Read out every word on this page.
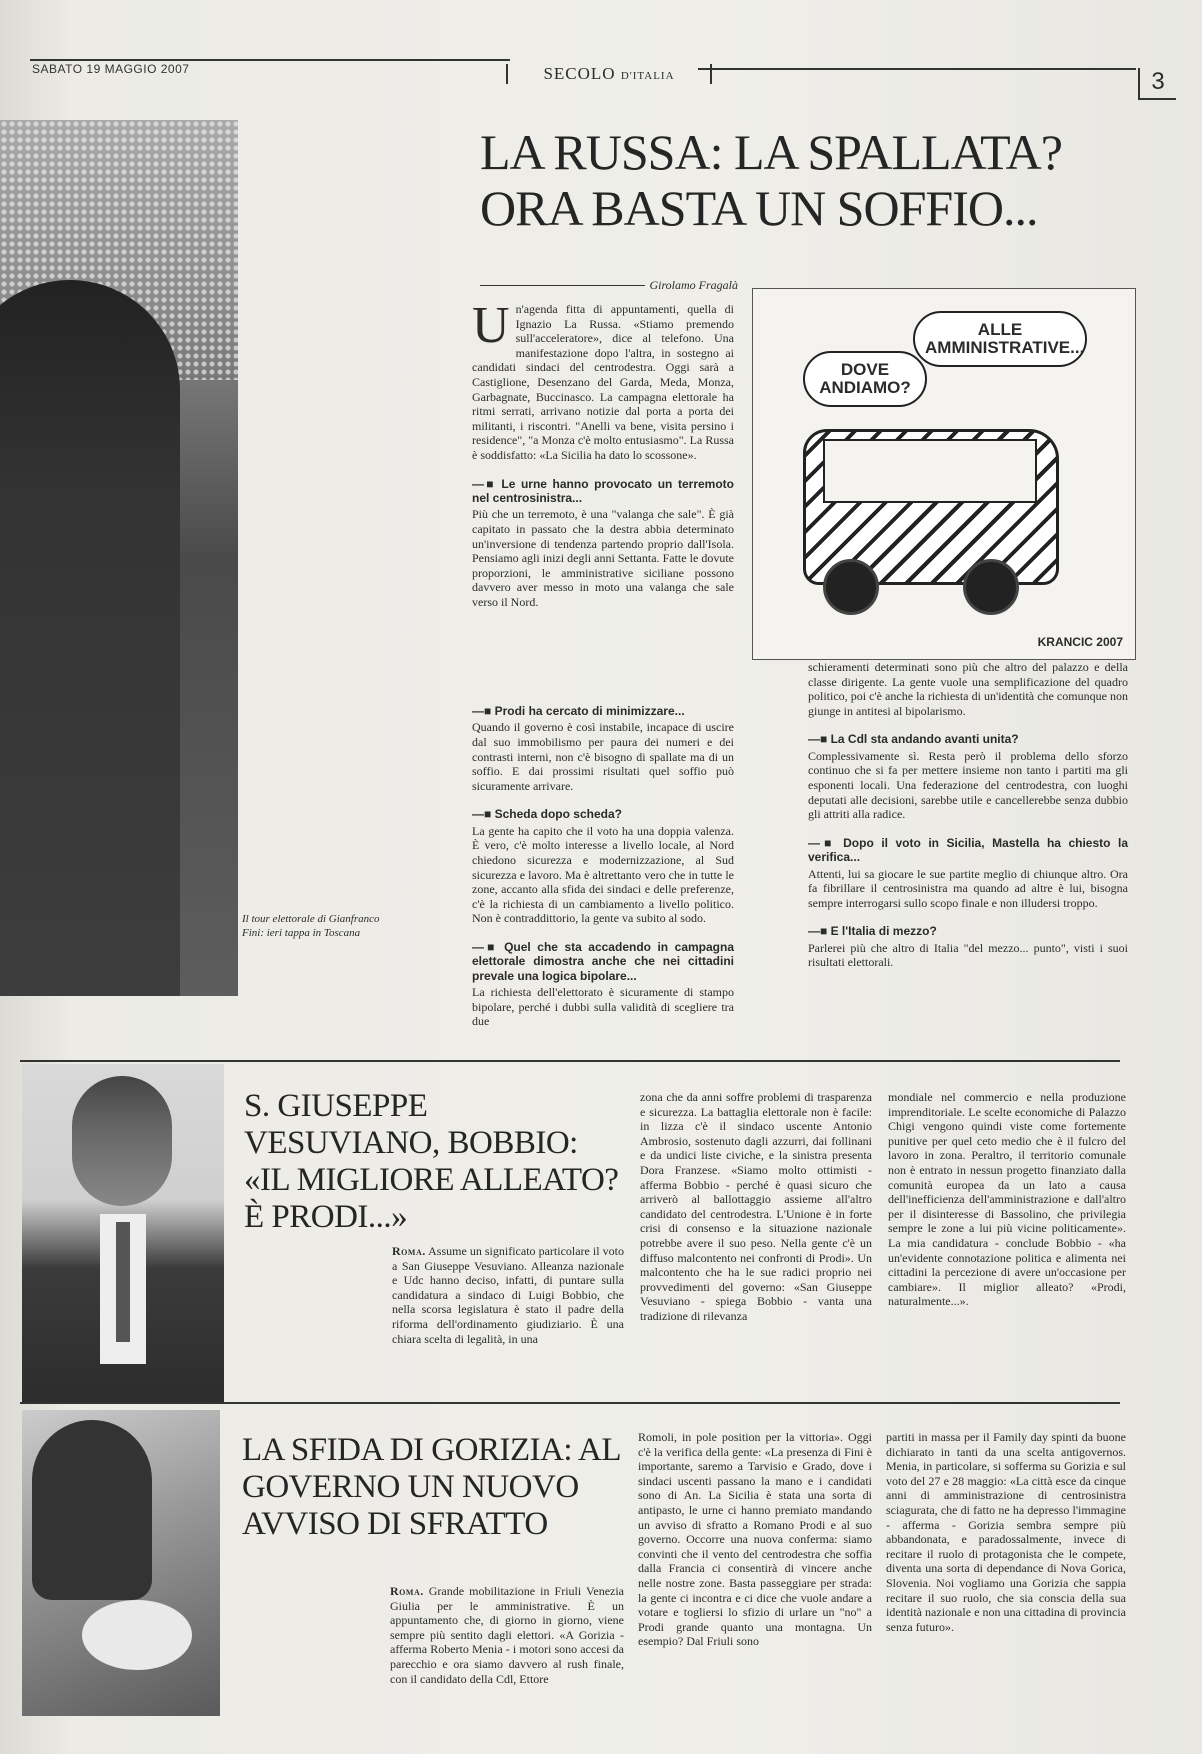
SABATO 19 MAGGIO 2007	SECOLO D'ITALIA	3
Il tour elettorale di Gianfranco Fini: ieri tappa in Toscana
LA RUSSA: LA SPALLATA? ORA BASTA UN SOFFIO...
Girolamo Fragalà
DOVE ANDIAMO?
ALLE AMMINISTRATIVE...
KRANCIC 2007

Un'agenda fitta di appuntamenti, quella di Ignazio La Russa. «Stiamo premendo sull'acceleratore», dice al telefono. Una manifestazione dopo l'altra, in sostegno ai candidati sindaci del centrodestra. Oggi sarà a Castiglione, Desenzano del Garda, Meda, Monza, Garbagnate, Buccinasco. La campagna elettorale ha ritmi serrati, arrivano notizie dal porta a porta dei militanti, i riscontri. "Anelli va bene, visita persino i residence", "a Monza c'è molto entusiasmo". La Russa è soddisfatto: «La Sicilia ha dato lo scossone».

—■ Le urne hanno provocato un terremoto nel centrosinistra...

Più che un terremoto, è una "valanga che sale". È già capitato in passato che la destra abbia determinato un'inversione di tendenza partendo proprio dall'Isola. Pensiamo agli inizi degli anni Settanta. Fatte le dovute proporzioni, le amministrative siciliane possono davvero aver messo in moto una valanga che sale verso il Nord.

—■ Prodi ha cercato di minimizzare...

Quando il governo è così instabile, incapace di uscire dal suo immobilismo per paura dei numeri e dei contrasti interni, non c'è bisogno di spallate ma di un soffio. E dai prossimi risultati quel soffio può sicuramente arrivare.

—■ Scheda dopo scheda?

La gente ha capito che il voto ha una doppia valenza. È vero, c'è molto interesse a livello locale, al Nord chiedono sicurezza e modernizzazione, al Sud sicurezza e lavoro. Ma è altrettanto vero che in tutte le zone, accanto alla sfida dei sindaci e delle preferenze, c'è la richiesta di un cambiamento a livello politico. Non è contraddittorio, la gente va subito al sodo.

—■ Quel che sta accadendo in campagna elettorale dimostra anche che nei cittadini prevale una logica bipolare...

La richiesta dell'elettorato è sicuramente di stampo bipolare, perché i dubbi sulla validità di scegliere tra due

schieramenti determinati sono più che altro del palazzo e della classe dirigente. La gente vuole una semplificazione del quadro politico, poi c'è anche la richiesta di un'identità che comunque non giunge in antitesi al bipolarismo.

—■ La Cdl sta andando avanti unita?

Complessivamente sì. Resta però il problema dello sforzo continuo che si fa per mettere insieme non tanto i partiti ma gli esponenti locali. Una federazione del centrodestra, con luoghi deputati alle decisioni, sarebbe utile e cancellerebbe senza dubbio gli attriti alla radice.

—■ Dopo il voto in Sicilia, Mastella ha chiesto la verifica...

Attenti, lui sa giocare le sue partite meglio di chiunque altro. Ora fa fibrillare il centrosinistra ma quando ad altre è lui, bisogna sempre interrogarsi sullo scopo finale e non illudersi troppo.

—■ E l'Italia di mezzo?

Parlerei più che altro di Italia "del mezzo... punto", visti i suoi risultati elettorali.

S. GIUSEPPE VESUVIANO, BOBBIO: «IL MIGLIORE ALLEATO? È PRODI...»
Roma. Assume un significato particolare il voto a San Giuseppe Vesuviano. Alleanza nazionale e Udc hanno deciso, infatti, di puntare sulla candidatura a sindaco di Luigi Bobbio, che nella scorsa legislatura è stato il padre della riforma dell'ordinamento giudiziario. È una chiara scelta di legalità, in una
zona che da anni soffre problemi di trasparenza e sicurezza. La battaglia elettorale non è facile: in lizza c'è il sindaco uscente Antonio Ambrosio, sostenuto dagli azzurri, dai follinani e da undici liste civiche, e la sinistra presenta Dora Franzese. «Siamo molto ottimisti - afferma Bobbio - perché è quasi sicuro che arriverò al ballottaggio assieme all'altro candidato del centrodestra. L'Unione è in forte crisi di consenso e la situazione nazionale potrebbe avere il suo peso. Nella gente c'è un diffuso malcontento nei confronti di Prodi». Un malcontento che ha le sue radici proprio nei provvedimenti del governo: «San Giuseppe Vesuviano - spiega Bobbio - vanta una tradizione di rilevanza
mondiale nel commercio e nella produzione imprenditoriale. Le scelte economiche di Palazzo Chigi vengono quindi viste come fortemente punitive per quel ceto medio che è il fulcro del lavoro in zona. Peraltro, il territorio comunale non è entrato in nessun progetto finanziato dalla comunità europea da un lato a causa dell'inefficienza dell'amministrazione e dall'altro per il disinteresse di Bassolino, che privilegia sempre le zone a lui più vicine politicamente». La mia candidatura - conclude Bobbio - «ha un'evidente connotazione politica e alimenta nei cittadini la percezione di avere un'occasione per cambiare». Il miglior alleato? «Prodi, naturalmente...».
LA SFIDA DI GORIZIA: AL GOVERNO UN NUOVO AVVISO DI SFRATTO
Roma. Grande mobilitazione in Friuli Venezia Giulia per le amministrative. È un appuntamento che, di giorno in giorno, viene sempre più sentito dagli elettori. «A Gorizia - afferma Roberto Menia - i motori sono accesi da parecchio e ora siamo davvero al rush finale, con il candidato della Cdl, Ettore
Romoli, in pole position per la vittoria». Oggi c'è la verifica della gente: «La presenza di Fini è importante, saremo a Tarvisio e Grado, dove i sindaci uscenti passano la mano e i candidati sono di An. La Sicilia è stata una sorta di antipasto, le urne ci hanno premiato mandando un avviso di sfratto a Romano Prodi e al suo governo. Occorre una nuova conferma: siamo convinti che il vento del centrodestra che soffia dalla Francia ci consentirà di vincere anche nelle nostre zone. Basta passeggiare per strada: la gente ci incontra e ci dice che vuole andare a votare e togliersi lo sfizio di urlare un "no" a Prodi grande quanto una montagna. Un esempio? Dal Friuli sono
partiti in massa per il Family day spinti da buone dichiarato in tanti da una scelta antigovernos. Menia, in particolare, si sofferma su Gorizia e sul voto del 27 e 28 maggio: «La città esce da cinque anni di amministrazione di centrosinistra sciagurata, che di fatto ne ha depresso l'immagine - afferma - Gorizia sembra sempre più abbandonata, e paradossalmente, invece di recitare il ruolo di protagonista che le compete, diventa una sorta di dependance di Nova Gorica, Slovenia. Noi vogliamo una Gorizia che sappia recitare il suo ruolo, che sia conscia della sua identità nazionale e non una cittadina di provincia senza futuro».
